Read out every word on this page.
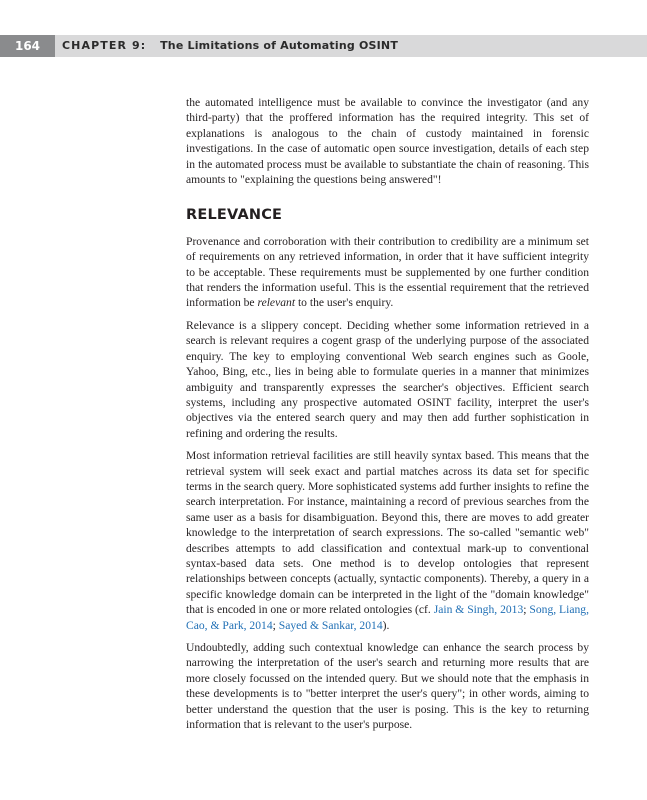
164	CHAPTER 9: The Limitations of Automating OSINT

the automated intelligence must be available to convince the investigator (and any third-party) that the proffered information has the required integrity. This set of explanations is analogous to the chain of custody maintained in forensic investigations. In the case of automatic open source investigation, details of each step in the automated process must be available to substantiate the chain of reasoning. This amounts to "explaining the questions being answered"!

RELEVANCE

Provenance and corroboration with their contribution to credibility are a minimum set of requirements on any retrieved information, in order that it have sufficient integrity to be acceptable. These requirements must be supplemented by one further condition that renders the information useful. This is the essential requirement that the retrieved information be relevant to the user's enquiry.

Relevance is a slippery concept. Deciding whether some information retrieved in a search is relevant requires a cogent grasp of the underlying purpose of the associated enquiry. The key to employing conventional Web search engines such as Goole, Yahoo, Bing, etc., lies in being able to formulate queries in a manner that minimizes ambiguity and transparently expresses the searcher's objectives. Efficient search systems, including any prospective automated OSINT facility, interpret the user's objectives via the entered search query and may then add further sophistication in refining and ordering the results.

Most information retrieval facilities are still heavily syntax based. This means that the retrieval system will seek exact and partial matches across its data set for specific terms in the search query. More sophisticated systems add further insights to refine the search interpretation. For instance, maintaining a record of previous searches from the same user as a basis for disambiguation. Beyond this, there are moves to add greater knowledge to the interpretation of search expressions. The so-called "semantic web" describes attempts to add classification and contextual mark-up to conventional syntax-based data sets. One method is to develop ontologies that represent relationships between concepts (actually, syntactic components). Thereby, a query in a specific knowledge domain can be interpreted in the light of the "domain knowledge" that is encoded in one or more related ontologies (cf. Jain & Singh, 2013; Song, Liang, Cao, & Park, 2014; Sayed & Sankar, 2014).

Undoubtedly, adding such contextual knowledge can enhance the search process by narrowing the interpretation of the user's search and returning more results that are more closely focussed on the intended query. But we should note that the emphasis in these developments is to "better interpret the user's query"; in other words, aiming to better understand the question that the user is posing. This is the key to returning information that is relevant to the user's purpose.
